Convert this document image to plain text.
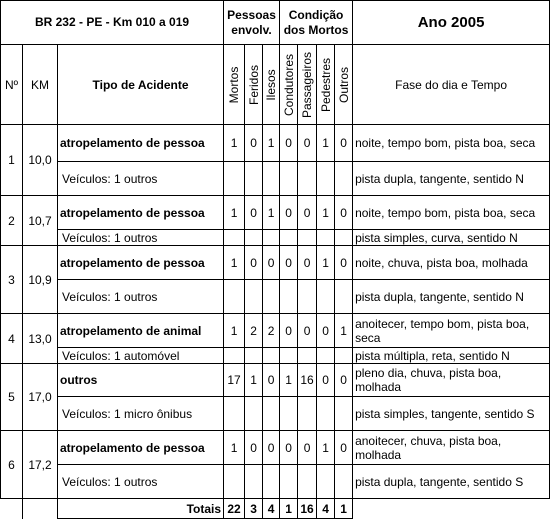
BR 232 - PE - Km 010 a 019			Pessoas envolv.			Condição dos Mortos				Ano 2005
Nº	KM	Tipo de Acidente	Mortos	Feridos	Ilesos	Condutores	Passageiros	Pedestres	Outros	Fase do dia e Tempo
1	10,0	atropelamento de pessoa	1	0	1	0	0	1	0	noite, tempo bom, pista boa, seca
		Veículos: 1 outros								pista dupla, tangente, sentido N
2	10,7	atropelamento de pessoa	1	0	1	0	0	1	0	noite, tempo bom, pista boa, seca
		Veículos: 1 outros								pista simples, curva, sentido N
3	10,9	atropelamento de pessoa	1	0	0	0	0	1	0	noite, chuva, pista boa, molhada
		Veículos: 1 outros								pista dupla, tangente, sentido N
4	13,0	atropelamento de animal	1	2	2	0	0	0	1	anoitecer, tempo bom, pista boa, seca
		Veículos: 1 automóvel								pista múltipla, reta, sentido N
5	17,0	outros	17	1	0	1	16	0	0	pleno dia, chuva, pista boa, molhada
		Veículos: 1 micro ônibus								pista simples, tangente, sentido S
6	17,2	atropelamento de pessoa	1	0	0	0	0	1	0	anoitecer, chuva, pista boa, molhada
		Veículos: 1 outros								pista dupla, tangente, sentido S
		Totais	22	3	4	1	16	4	1	
